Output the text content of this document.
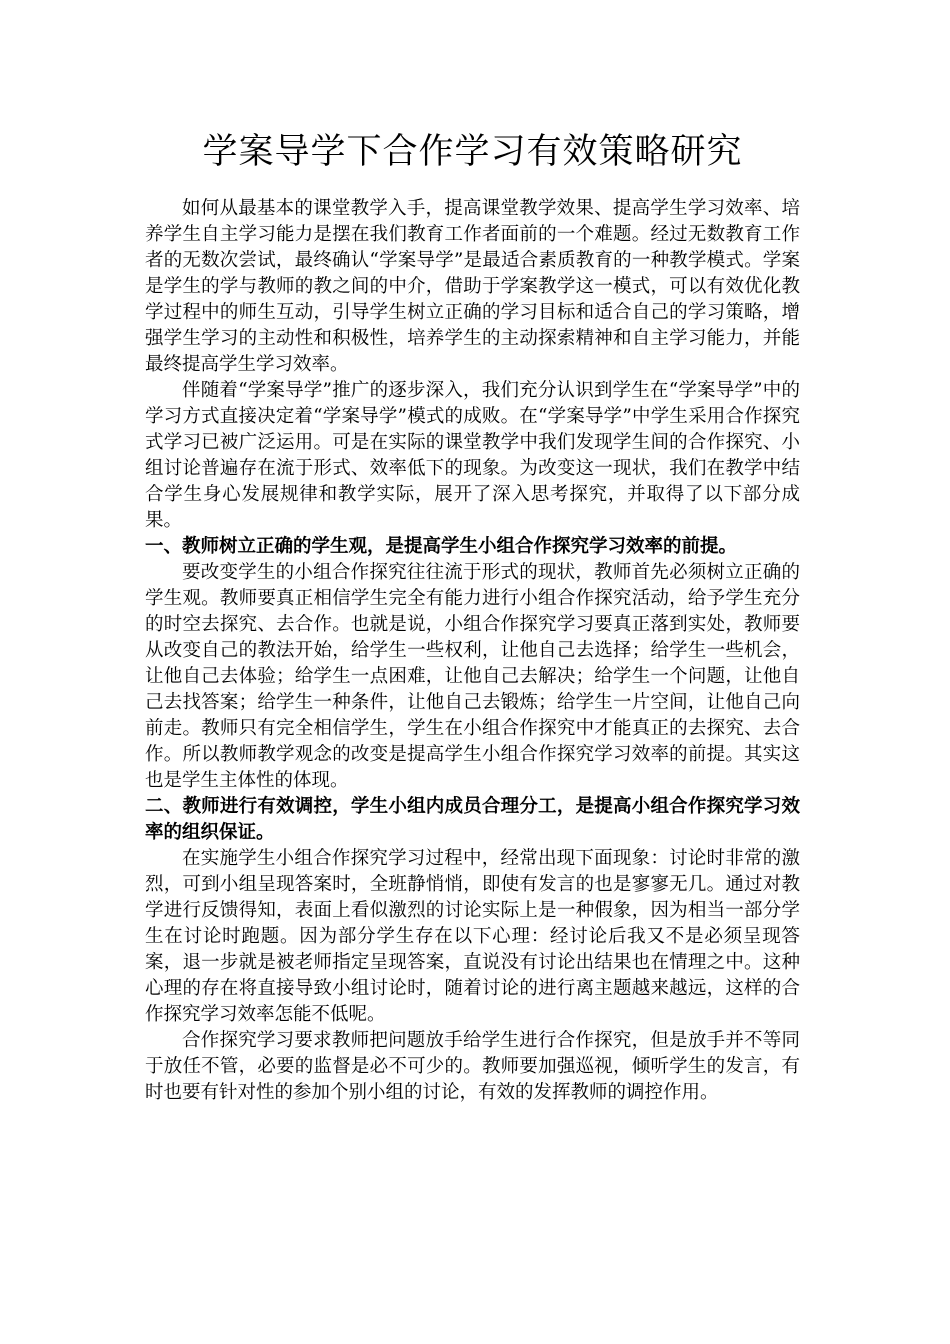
学案导学下合作学习有效策略研究

如何从最基本的课堂教学入手，提高课堂教学效果、提高学生学习效率、培养学生自主学习能力是摆在我们教育工作者面前的一个难题。经过无数教育工作者的无数次尝试，最终确认“学案导学”是最适合素质教育的一种教学模式。学案是学生的学与教师的教之间的中介，借助于学案教学这一模式，可以有效优化教学过程中的师生互动，引导学生树立正确的学习目标和适合自己的学习策略，增强学生学习的主动性和积极性，培养学生的主动探索精神和自主学习能力，并能最终提高学生学习效率。

伴随着“学案导学”推广的逐步深入，我们充分认识到学生在“学案导学”中的学习方式直接决定着“学案导学”模式的成败。在“学案导学”中学生采用合作探究式学习已被广泛运用。可是在实际的课堂教学中我们发现学生间的合作探究、小组讨论普遍存在流于形式、效率低下的现象。为改变这一现状，我们在教学中结合学生身心发展规律和教学实际，展开了深入思考探究，并取得了以下部分成果。

一、教师树立正确的学生观，是提高学生小组合作探究学习效率的前提。

要改变学生的小组合作探究往往流于形式的现状，教师首先必须树立正确的学生观。教师要真正相信学生完全有能力进行小组合作探究活动，给予学生充分的时空去探究、去合作。也就是说，小组合作探究学习要真正落到实处，教师要从改变自己的教法开始，给学生一些权利，让他自己去选择；给学生一些机会，让他自己去体验；给学生一点困难，让他自己去解决；给学生一个问题，让他自己去找答案；给学生一种条件，让他自己去锻炼；给学生一片空间，让他自己向前走。教师只有完全相信学生，学生在小组合作探究中才能真正的去探究、去合作。所以教师教学观念的改变是提高学生小组合作探究学习效率的前提。其实这也是学生主体性的体现。

二、教师进行有效调控，学生小组内成员合理分工，是提高小组合作探究学习效率的组织保证。

在实施学生小组合作探究学习过程中，经常出现下面现象：讨论时非常的激烈，可到小组呈现答案时，全班静悄悄，即使有发言的也是寥寥无几。通过对教学进行反馈得知，表面上看似激烈的讨论实际上是一种假象，因为相当一部分学生在讨论时跑题。因为部分学生存在以下心理：经讨论后我又不是必须呈现答案，退一步就是被老师指定呈现答案，直说没有讨论出结果也在情理之中。这种心理的存在将直接导致小组讨论时，随着讨论的进行离主题越来越远，这样的合作探究学习效率怎能不低呢。

合作探究学习要求教师把问题放手给学生进行合作探究，但是放手并不等同于放任不管，必要的监督是必不可少的。教师要加强巡视，倾听学生的发言，有时也要有针对性的参加个别小组的讨论，有效的发挥教师的调控作用。
